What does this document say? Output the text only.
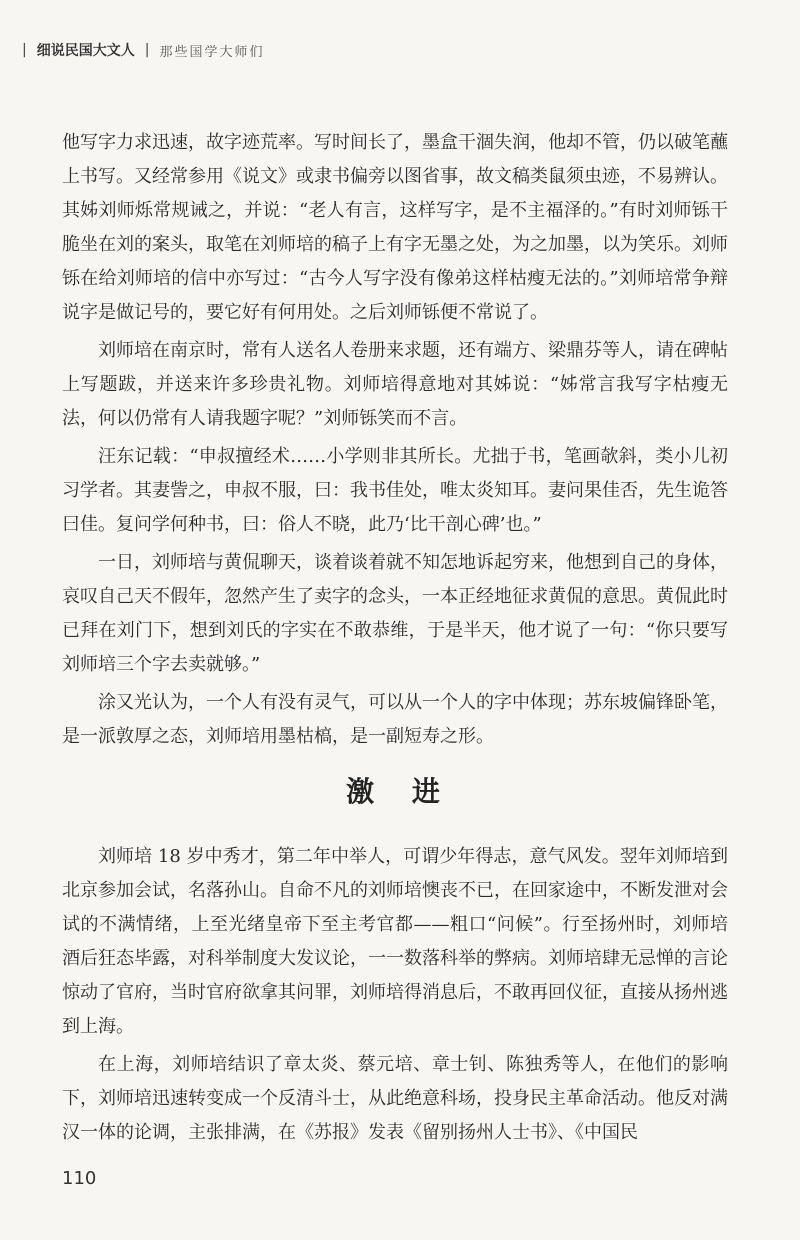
| 细说民国大文人 | 那些国学大师们

他写字力求迅速，故字迹荒率。写时间长了，墨盒干涸失润，他却不管，仍以破笔蘸上书写。又经常参用《说文》或隶书偏旁以图省事，故文稿类鼠须虫迹，不易辨认。其姊刘师烁常规诫之，并说：“老人有言，这样写字，是不主福泽的。”有时刘师铄干脆坐在刘的案头，取笔在刘师培的稿子上有字无墨之处，为之加墨，以为笑乐。刘师铄在给刘师培的信中亦写过：“古今人写字没有像弟这样枯瘦无法的。”刘师培常争辩说字是做记号的，要它好有何用处。之后刘师铄便不常说了。

刘师培在南京时，常有人送名人卷册来求题，还有端方、梁鼎芬等人，请在碑帖上写题跋，并送来许多珍贵礼物。刘师培得意地对其姊说：“姊常言我写字枯瘦无法，何以仍常有人请我题字呢？”刘师铄笑而不言。

汪东记载：“申叔擅经术……小学则非其所长。尤拙于书，笔画欹斜，类小儿初习学者。其妻訾之，申叔不服，曰：我书佳处，唯太炎知耳。妻问果佳否，先生诡答曰佳。复问学何种书，曰：俗人不晓，此乃‘比干剖心碑’也。”

一日，刘师培与黄侃聊天，谈着谈着就不知怎地诉起穷来，他想到自己的身体，哀叹自己天不假年，忽然产生了卖字的念头，一本正经地征求黄侃的意思。黄侃此时已拜在刘门下，想到刘氏的字实在不敢恭维，于是半天，他才说了一句：“你只要写刘师培三个字去卖就够。”

涂又光认为，一个人有没有灵气，可以从一个人的字中体现；苏东坡偏锋卧笔，是一派敦厚之态，刘师培用墨枯槁，是一副短寿之形。

激 进

刘师培 18 岁中秀才，第二年中举人，可谓少年得志，意气风发。翌年刘师培到北京参加会试，名落孙山。自命不凡的刘师培懊丧不已，在回家途中，不断发泄对会试的不满情绪，上至光绪皇帝下至主考官都——粗口“问候”。行至扬州时，刘师培酒后狂态毕露，对科举制度大发议论，一一数落科举的弊病。刘师培肆无忌惮的言论惊动了官府，当时官府欲拿其问罪，刘师培得消息后，不敢再回仪征，直接从扬州逃到上海。

在上海，刘师培结识了章太炎、蔡元培、章士钊、陈独秀等人，在他们的影响下，刘师培迅速转变成一个反清斗士，从此绝意科场，投身民主革命活动。他反对满汉一体的论调，主张排满，在《苏报》发表《留别扬州人士书》、《中国民

110
